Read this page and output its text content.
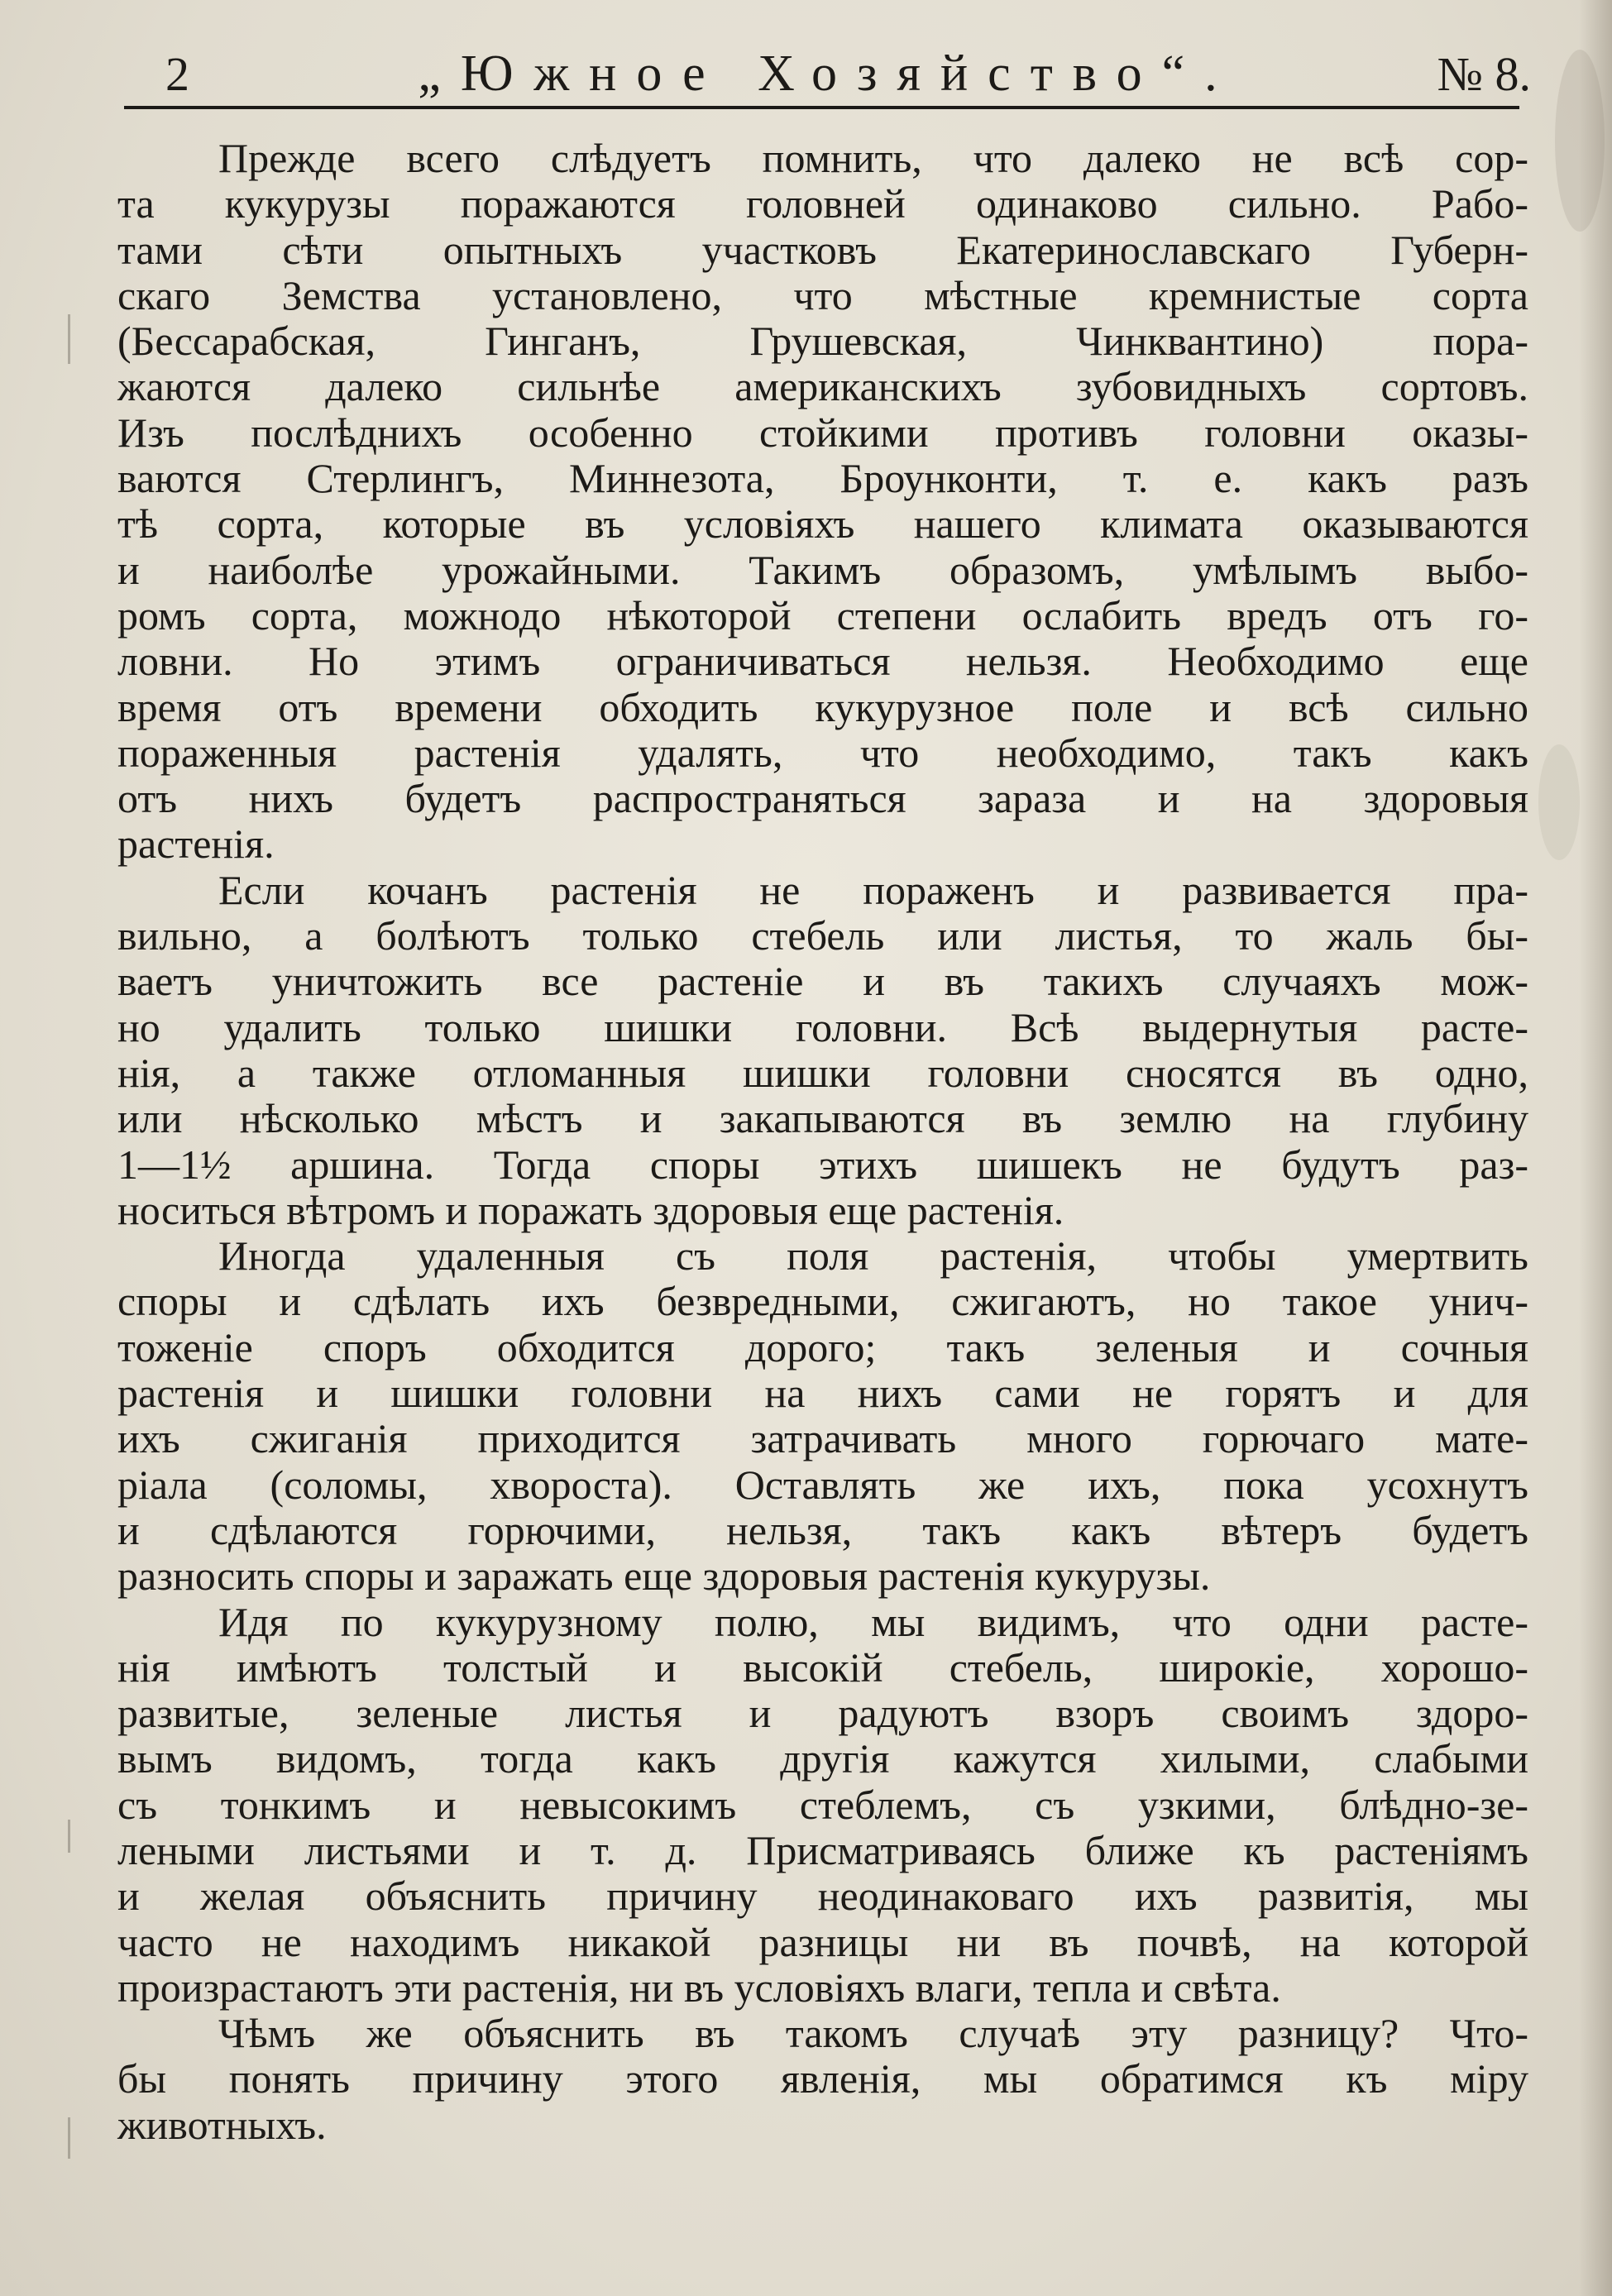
2	„Южное Хозяйство“.	№ 8.
Прежде всего слѣдуетъ помнить, что далеко не всѣ сор-
та кукурузы поражаются головней одинаково сильно. Рабо-
тами сѣти опытныхъ участковъ Екатеринославскаго Губерн-
скаго Земства установлено, что мѣстные кремнистые сорта
(Бессарабская, Гинганъ, Грушевская, Чинквантино) пора-
жаются далеко сильнѣе американскихъ зубовидныхъ сортовъ.
Изъ послѣднихъ особенно стойкими противъ головни оказы-
ваются Стерлингъ, Миннезота, Броунконти, т. е. какъ разъ
тѣ сорта, которые въ условіяхъ нашего климата оказываются
и наиболѣе урожайными. Такимъ образомъ, умѣлымъ выбо-
ромъ сорта, можнодо нѣкоторой степени ослабить вредъ отъ го-
ловни. Но этимъ ограничиваться нельзя. Необходимо еще
время отъ времени обходить кукурузное поле и всѣ сильно
пораженныя растенія удалять, что необходимо, такъ какъ
отъ нихъ будетъ распространяться зараза и на здоровыя
растенія.
Если кочанъ растенія не пораженъ и развивается пра-
вильно, а болѣютъ только стебель или листья, то жаль бы-
ваетъ уничтожить все растеніе и въ такихъ случаяхъ мож-
но удалить только шишки головни. Всѣ выдернутыя расте-
нія, а также отломанныя шишки головни сносятся въ одно,
или нѣсколько мѣстъ и закапываются въ землю на глубину
1—1½ аршина. Тогда споры этихъ шишекъ не будутъ раз-
носиться вѣтромъ и поражать здоровыя еще растенія.
Иногда удаленныя съ поля растенія, чтобы умертвить
споры и сдѣлать ихъ безвредными, сжигаютъ, но такое унич-
тоженіе споръ обходится дорого; такъ зеленыя и сочныя
растенія и шишки головни на нихъ сами не горятъ и для
ихъ сжиганія приходится затрачивать много горючаго мате-
ріала (соломы, хвороста). Оставлять же ихъ, пока усохнутъ
и сдѣлаются горючими, нельзя, такъ какъ вѣтеръ будетъ
разносить споры и заражать еще здоровыя растенія кукурузы.
Идя по кукурузному полю, мы видимъ, что одни расте-
нія имѣютъ толстый и высокій стебель, широкіе, хорошо-
развитые, зеленые листья и радуютъ взоръ своимъ здоро-
вымъ видомъ, тогда какъ другія кажутся хилыми, слабыми
съ тонкимъ и невысокимъ стеблемъ, съ узкими, блѣдно-зе-
леными листьями и т. д. Присматриваясь ближе къ растеніямъ
и желая объяснить причину неодинаковаго ихъ развитія, мы
часто не находимъ никакой разницы ни въ почвѣ, на которой
произрастаютъ эти растенія, ни въ условіяхъ влаги, тепла и свѣта.
Чѣмъ же объяснить въ такомъ случаѣ эту разницу? Что-
бы понять причину этого явленія, мы обратимся къ міру
животныхъ.
